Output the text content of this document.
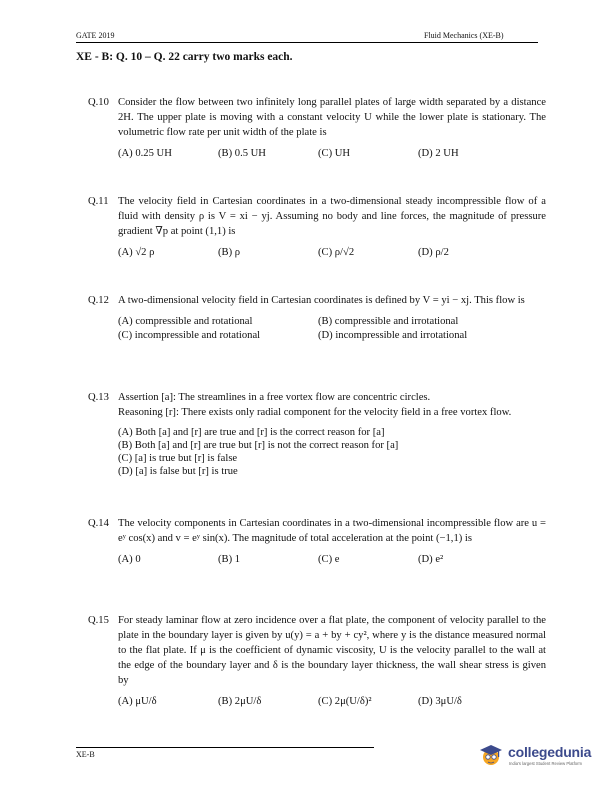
GATE 2019	Fluid Mechanics (XE-B)
XE - B: Q. 10 – Q. 22 carry two marks each.
Q.10 Consider the flow between two infinitely long parallel plates of large width separated by a distance 2H. The upper plate is moving with a constant velocity U while the lower plate is stationary. The volumetric flow rate per unit width of the plate is
(A) 0.25 UH	(B) 0.5 UH	(C) UH	(D) 2 UH
Q.11 The velocity field in Cartesian coordinates in a two-dimensional steady incompressible flow of a fluid with density ρ is V = xi − yj. Assuming no body and line forces, the magnitude of pressure gradient ∇p at point (1,1) is
(A) √2 ρ	(B) ρ	(C) ρ/√2	(D) ρ/2
Q.12 A two-dimensional velocity field in Cartesian coordinates is defined by V = yi − xj. This flow is
(A) compressible and rotational	(B) compressible and irrotational
(C) incompressible and rotational	(D) incompressible and irrotational
Q.13 Assertion [a]: The streamlines in a free vortex flow are concentric circles.
Reasoning [r]: There exists only radial component for the velocity field in a free vortex flow.
(A) Both [a] and [r] are true and [r] is the correct reason for [a]
(B) Both [a] and [r] are true but [r] is not the correct reason for [a]
(C) [a] is true but [r] is false
(D) [a] is false but [r] is true
Q.14 The velocity components in Cartesian coordinates in a two-dimensional incompressible flow are u = eʸ cos(x) and v = eʸ sin(x). The magnitude of total acceleration at the point (−1,1) is
(A) 0	(B) 1	(C) e	(D) e²
Q.15 For steady laminar flow at zero incidence over a flat plate, the component of velocity parallel to the plate in the boundary layer is given by u(y) = a + by + cy², where y is the distance measured normal to the flat plate. If μ is the coefficient of dynamic viscosity, U is the velocity parallel to the wall at the edge of the boundary layer and δ is the boundary layer thickness, the wall shear stress is given by
(A) μU/δ	(B) 2μU/δ	(C) 2μ(U/δ)²	(D) 3μU/δ
XE-B	collegedunia
India's largest Student Review Platform
